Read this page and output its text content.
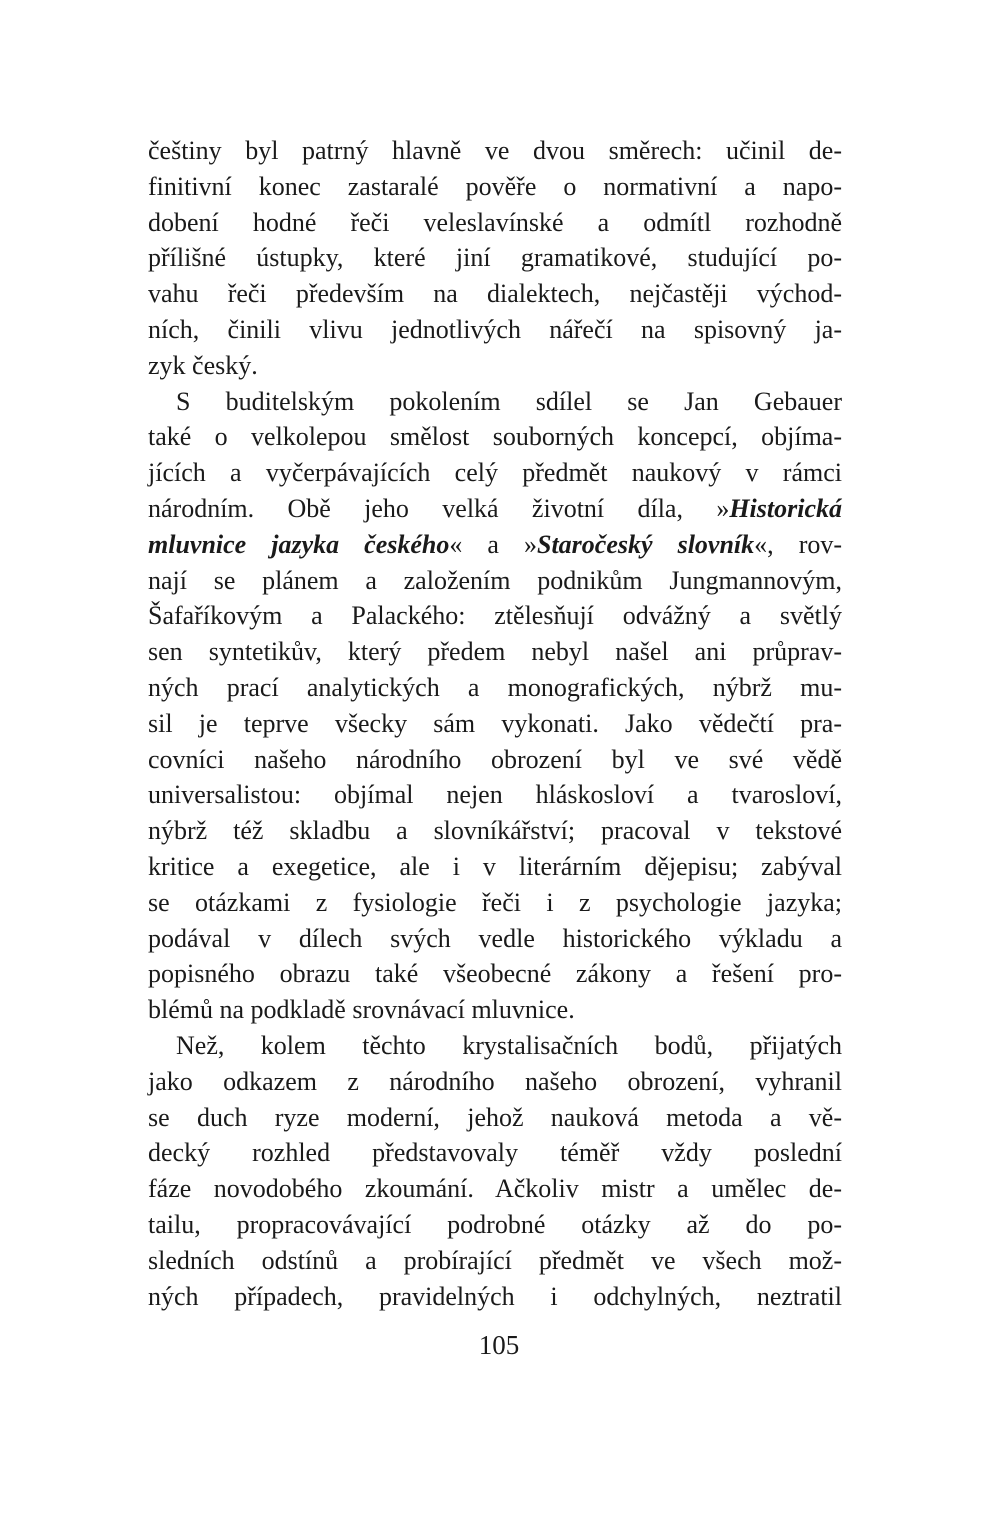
češtiny byl patrný hlavně ve dvou směrech: učinil de-
finitivní konec zastaralé pověře o normativní a napo-
dobení hodné řeči veleslavínské a odmítl rozhodně
přílišné ústupky, které jiní gramatikové, studující po-
vahu řeči především na dialektech, nejčastěji východ-
ních, činili vlivu jednotlivých nářečí na spisovný ja-
zyk český.
S buditelským pokolením sdílel se Jan Gebauer
také o velkolepou smělost souborných koncepcí, objíma-
jících a vyčerpávajících celý předmět naukový v rámci
národním. Obě jeho velká životní díla, »Historická
mluvnice jazyka českého« a »Staročeský slovník«, rov-
nají se plánem a založením podnikům Jungmannovým,
Šafaříkovým a Palackého: ztělesňují odvážný a světlý
sen syntetikův, který předem nebyl našel ani průprav-
ných prací analytických a monografických, nýbrž mu-
sil je teprve všecky sám vykonati. Jako vědečtí pra-
covníci našeho národního obrození byl ve své vědě
universalistou: objímal nejen hláskosloví a tvarosloví,
nýbrž též skladbu a slovníkářství; pracoval v tekstové
kritice a exegetice, ale i v literárním dějepisu; zabýval
se otázkami z fysiologie řeči i z psychologie jazyka;
podával v dílech svých vedle historického výkladu a
popisného obrazu také všeobecné zákony a řešení pro-
blémů na podkladě srovnávací mluvnice.
Než, kolem těchto krystalisačních bodů, přijatých
jako odkazem z národního našeho obrození, vyhranil
se duch ryze moderní, jehož nauková metoda a vě-
decký rozhled představovaly téměř vždy poslední
fáze novodobého zkoumání. Ačkoliv mistr a umělec de-
tailu, propracovávající podrobné otázky až do po-
sledních odstínů a probírající předmět ve všech mož-
ných případech, pravidelných i odchylných, neztratil
105
